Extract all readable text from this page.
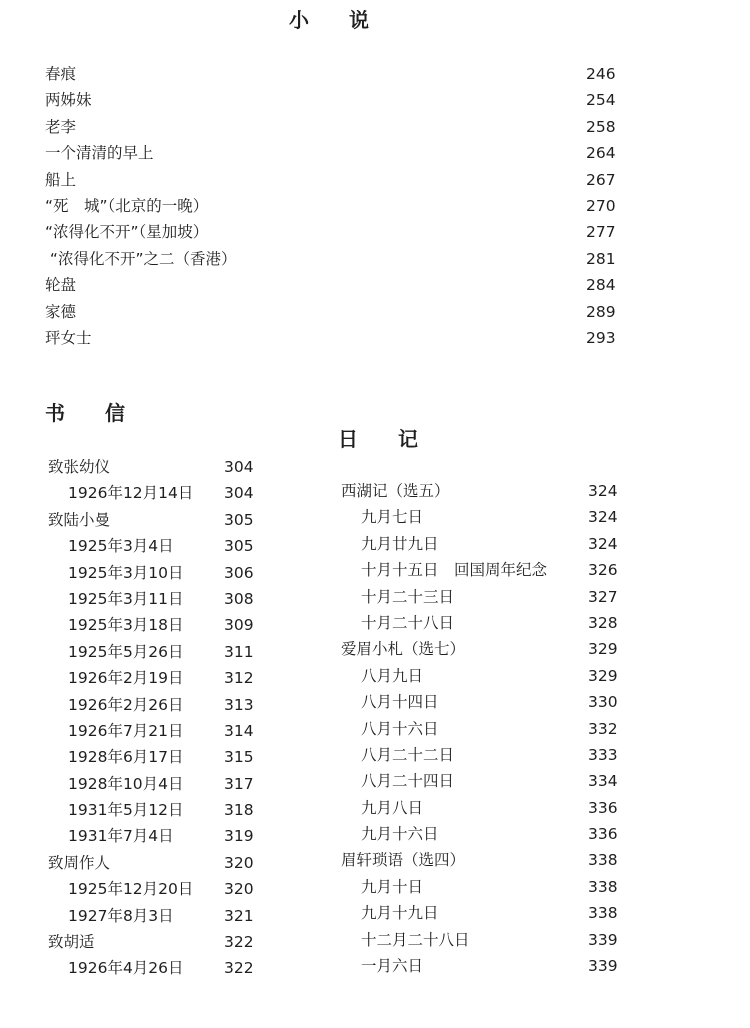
小　　说
书　　信
日　　记
春痕	246
两姊妹	254
老李	258
一个清清的早上	264
船上	267
“死　城”（北京的一晚）	270
“浓得化不开”（星加坡）	277
“浓得化不开”之二（香港）	281
轮盘	284
家德	289
玶女士	293
致张幼仪	304
1926年12月14日 304
致陆小曼	305
1925年3月4日	305
1925年3月10日	306
1925年3月11日	308
1925年3月18日	309
1925年5月26日	311
1926年2月19日	312
1926年2月26日	313
1926年7月21日	314
1928年6月17日	315
1928年10月4日	317
1931年5月12日	318
1931年7月4日	319
致周作人	320
1925年12月20日 320
1927年8月3日	321
致胡适	322
1926年4月26日	322
西湖记（选五）	324
九月七日	324
九月廿九日	324
十月十五日　回国周年纪念	326
十月二十三日	327
十月二十八日	328
爱眉小札（选七）	329
八月九日	329
八月十四日	330
八月十六日	332
八月二十二日	333
八月二十四日	334
九月八日	336
九月十六日	336
眉轩琐语（选四）	338
九月十日	338
九月十九日	338
十二月二十八日	339
一月六日	339
